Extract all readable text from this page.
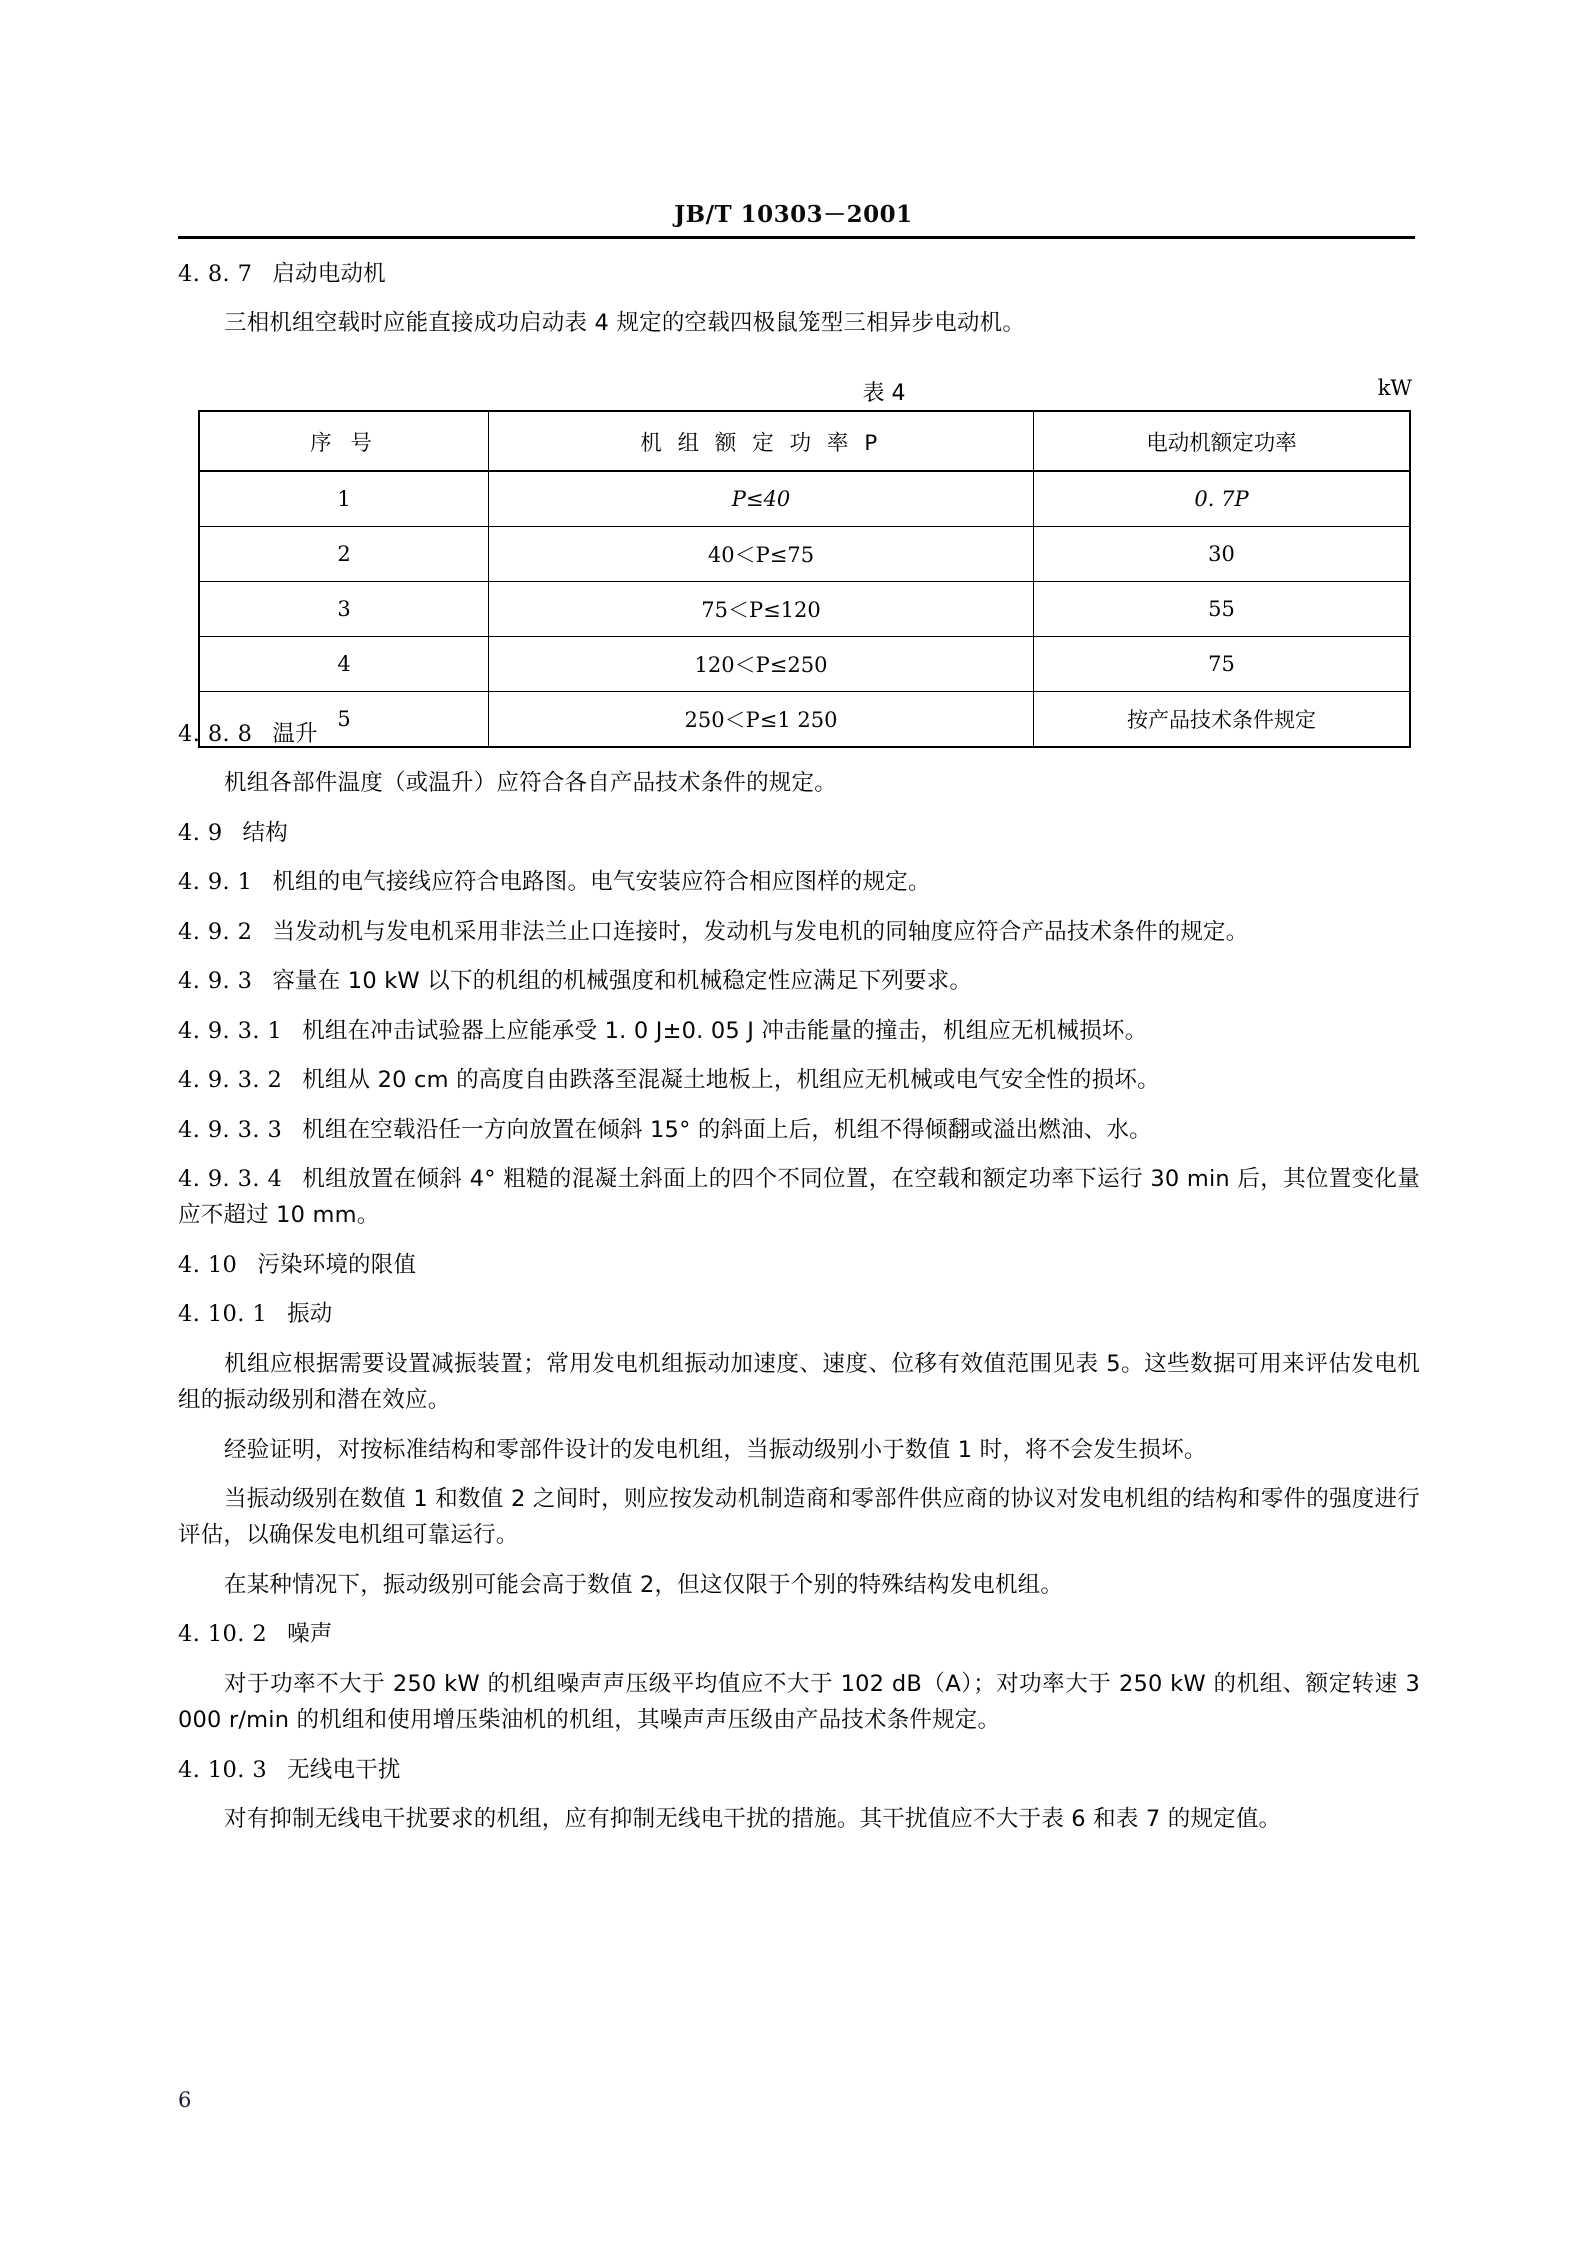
JB/T 10303－2001

4. 8. 7 启动电动机

三相机组空载时应能直接成功启动表 4 规定的空载四极鼠笼型三相异步电动机。

表 4	kW
序 号	机 组 额 定 功 率 P	电动机额定功率
1	P≤40	0. 7P
2	40＜P≤75	30
3	75＜P≤120	55
4	120＜P≤250	75
5	250＜P≤1 250	按产品技术条件规定

4. 8. 8 温升

机组各部件温度（或温升）应符合各自产品技术条件的规定。

4. 9 结构

4. 9. 1 机组的电气接线应符合电路图。电气安装应符合相应图样的规定。

4. 9. 2 当发动机与发电机采用非法兰止口连接时，发动机与发电机的同轴度应符合产品技术条件的规定。

4. 9. 3 容量在 10 kW 以下的机组的机械强度和机械稳定性应满足下列要求。

4. 9. 3. 1 机组在冲击试验器上应能承受 1. 0 J±0. 05 J 冲击能量的撞击，机组应无机械损坏。

4. 9. 3. 2 机组从 20 cm 的高度自由跌落至混凝土地板上，机组应无机械或电气安全性的损坏。

4. 9. 3. 3 机组在空载沿任一方向放置在倾斜 15° 的斜面上后，机组不得倾翻或溢出燃油、水。

4. 9. 3. 4 机组放置在倾斜 4° 粗糙的混凝土斜面上的四个不同位置，在空载和额定功率下运行 30 min 后，其位置变化量应不超过 10 mm。

4. 10 污染环境的限值

4. 10. 1 振动

机组应根据需要设置减振装置；常用发电机组振动加速度、速度、位移有效值范围见表 5。这些数据可用来评估发电机组的振动级别和潜在效应。

经验证明，对按标准结构和零部件设计的发电机组，当振动级别小于数值 1 时，将不会发生损坏。

当振动级别在数值 1 和数值 2 之间时，则应按发动机制造商和零部件供应商的协议对发电机组的结构和零件的强度进行评估，以确保发电机组可靠运行。

在某种情况下，振动级别可能会高于数值 2，但这仅限于个别的特殊结构发电机组。

4. 10. 2 噪声

对于功率不大于 250 kW 的机组噪声声压级平均值应不大于 102 dB（A）；对功率大于 250 kW 的机组、额定转速 3 000 r/min 的机组和使用增压柴油机的机组，其噪声声压级由产品技术条件规定。

4. 10. 3 无线电干扰

对有抑制无线电干扰要求的机组，应有抑制无线电干扰的措施。其干扰值应不大于表 6 和表 7 的规定值。

6
